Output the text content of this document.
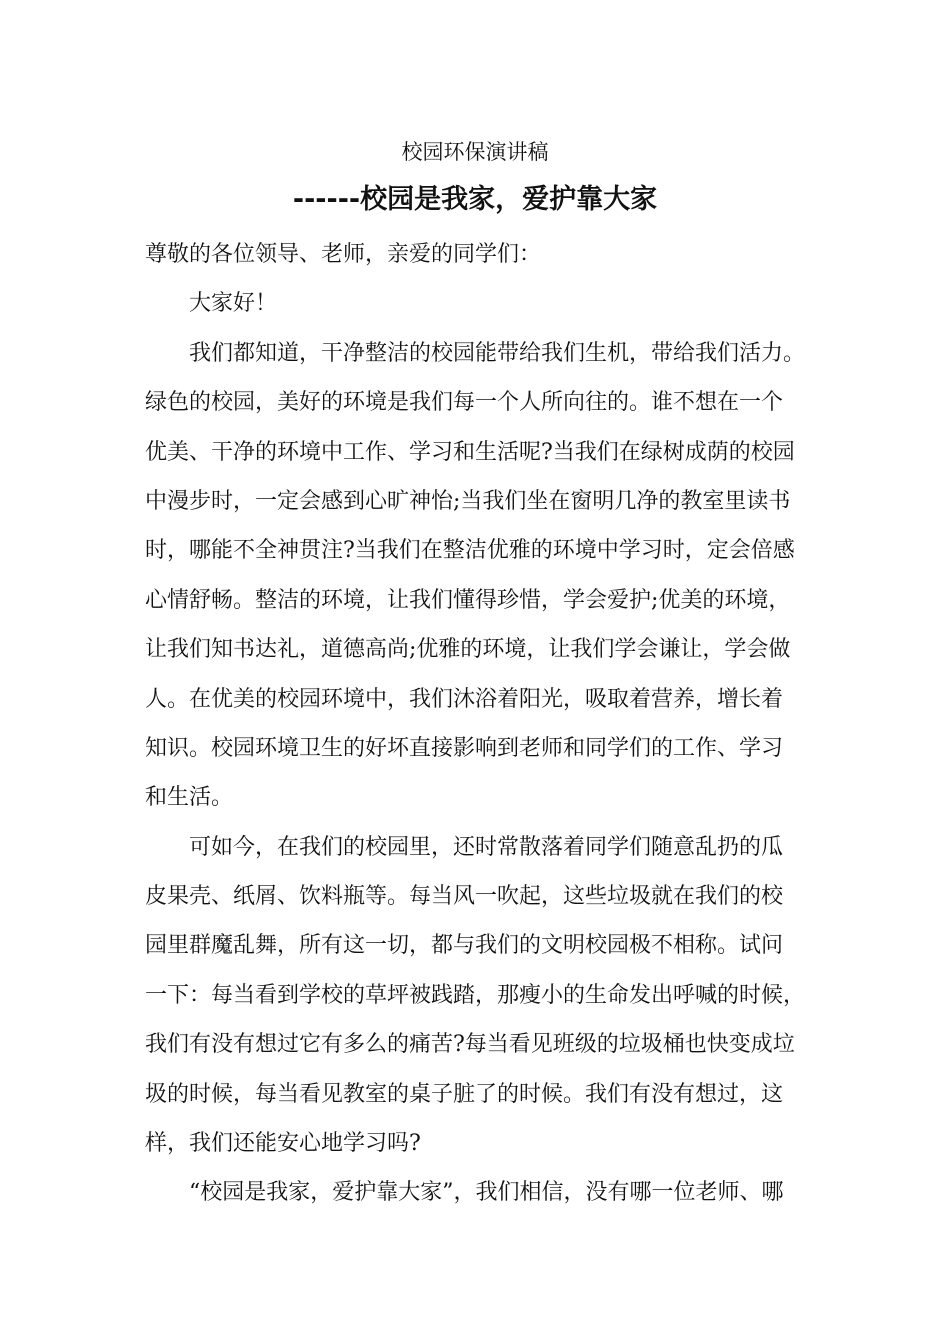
校园环保演讲稿
------校园是我家，爱护靠大家
尊敬的各位领导、老师，亲爱的同学们：
大家好！
我们都知道，干净整洁的校园能带给我们生机，带给我们活力。
绿色的校园，美好的环境是我们每一个人所向往的。谁不想在一个
优美、干净的环境中工作、学习和生活呢?当我们在绿树成荫的校园
中漫步时，一定会感到心旷神怡;当我们坐在窗明几净的教室里读书
时，哪能不全神贯注?当我们在整洁优雅的环境中学习时，定会倍感
心情舒畅。整洁的环境，让我们懂得珍惜，学会爱护;优美的环境，
让我们知书达礼，道德高尚;优雅的环境，让我们学会谦让，学会做
人。在优美的校园环境中，我们沐浴着阳光，吸取着营养，增长着
知识。校园环境卫生的好坏直接影响到老师和同学们的工作、学习
和生活。
可如今，在我们的校园里，还时常散落着同学们随意乱扔的瓜
皮果壳、纸屑、饮料瓶等。每当风一吹起，这些垃圾就在我们的校
园里群魔乱舞，所有这一切，都与我们的文明校园极不相称。试问
一下：每当看到学校的草坪被践踏，那瘦小的生命发出呼喊的时候，
我们有没有想过它有多么的痛苦?每当看见班级的垃圾桶也快变成垃
圾的时候，每当看见教室的桌子脏了的时候。我们有没有想过，这
样，我们还能安心地学习吗?
“校园是我家，爱护靠大家”，我们相信，没有哪一位老师、哪
